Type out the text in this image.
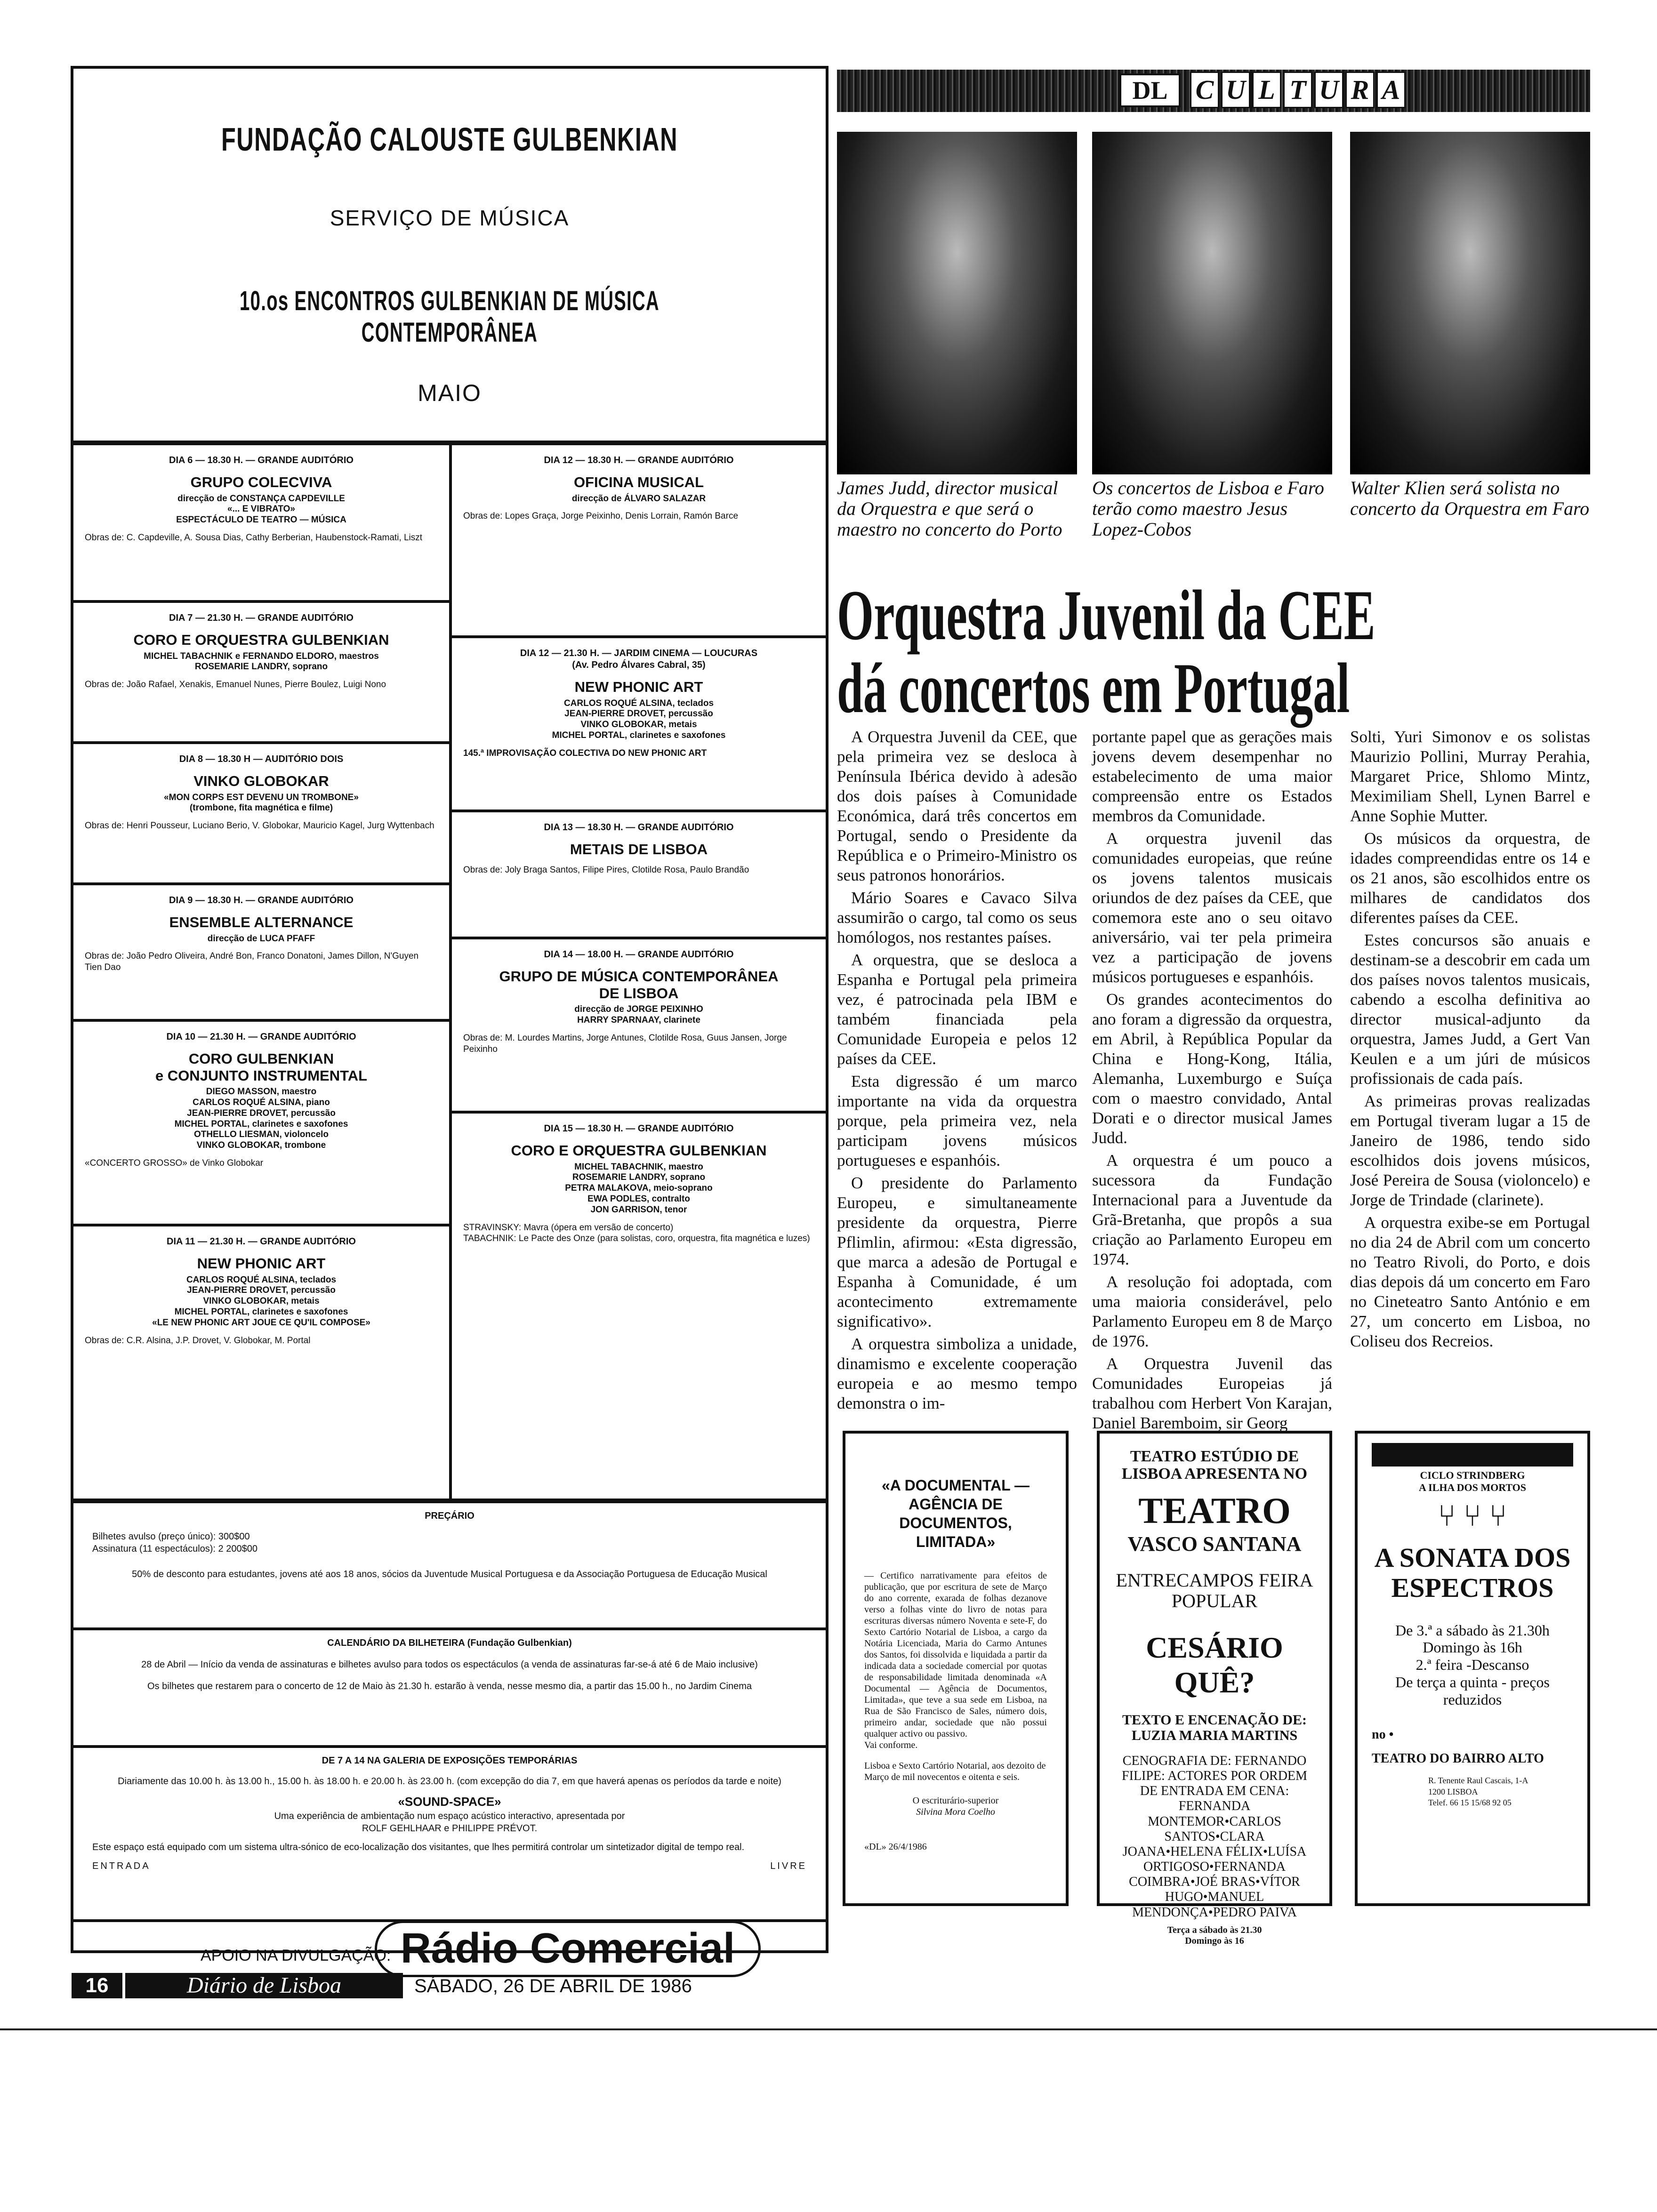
FUNDAÇÃO CALOUSTE GULBENKIAN
SERVIÇO DE MÚSICA
10.os ENCONTROS GULBENKIAN DE MÚSICA CONTEMPORÂNEA
MAIO
DIA 6 — 18.30 H. — GRANDE AUDITÓRIO
GRUPO COLECVIVA
direcção de CONSTANÇA CAPDEVILLE
«... E VIBRATO»
ESPECTÁCULO DE TEATRO — MÚSICA
Obras de: C. Capdeville, A. Sousa Dias, Cathy Berberian, Haubenstock-Ramati, Liszt
DIA 7 — 21.30 H. — GRANDE AUDITÓRIO
CORO E ORQUESTRA GULBENKIAN
MICHEL TABACHNIK e FERNANDO ELDORO, maestros
ROSEMARIE LANDRY, soprano
Obras de: João Rafael, Xenakis, Emanuel Nunes, Pierre Boulez, Luigi Nono
DIA 8 — 18.30 H — AUDITÓRIO DOIS
VINKO GLOBOKAR
«MON CORPS EST DEVENU UN TROMBONE»
(trombone, fita magnética e filme)
Obras de: Henri Pousseur, Luciano Berio, V. Globokar, Mauricio Kagel, Jurg Wyttenbach
DIA 9 — 18.30 H. — GRANDE AUDITÓRIO
ENSEMBLE ALTERNANCE
direcção de LUCA PFAFF
Obras de: João Pedro Oliveira, André Bon, Franco Donatoni, James Dillon, N'Guyen Tien Dao
DIA 10 — 21.30 H. — GRANDE AUDITÓRIO
CORO GULBENKIAN
e CONJUNTO INSTRUMENTAL
DIEGO MASSON, maestro
CARLOS ROQUÉ ALSINA, piano
JEAN-PIERRE DROVET, percussão
MICHEL PORTAL, clarinetes e saxofones
OTHELLO LIESMAN, violoncelo
VINKO GLOBOKAR, trombone
«CONCERTO GROSSO» de Vinko Globokar
DIA 11 — 21.30 H. — GRANDE AUDITÓRIO
NEW PHONIC ART
CARLOS ROQUÉ ALSINA, teclados
JEAN-PIERRE DROVET, percussão
VINKO GLOBOKAR, metais
MICHEL PORTAL, clarinetes e saxofones
«LE NEW PHONIC ART JOUE CE QU'IL COMPOSE»
Obras de: C.R. Alsina, J.P. Drovet, V. Globokar, M. Portal
DIA 12 — 18.30 H. — GRANDE AUDITÓRIO
OFICINA MUSICAL
direcção de ÁLVARO SALAZAR
Obras de: Lopes Graça, Jorge Peixinho, Denis Lorrain, Ramón Barce
DIA 12 — 21.30 H. — JARDIM CINEMA — LOUCURAS
(Av. Pedro Álvares Cabral, 35)
NEW PHONIC ART
CARLOS ROQUÉ ALSINA, teclados
JEAN-PIERRE DROVET, percussão
VINKO GLOBOKAR, metais
MICHEL PORTAL, clarinetes e saxofones
145.ª IMPROVISAÇÃO COLECTIVA DO NEW PHONIC ART
DIA 13 — 18.30 H. — GRANDE AUDITÓRIO
METAIS DE LISBOA
Obras de: Joly Braga Santos, Filipe Pires, Clotilde Rosa, Paulo Brandão
DIA 14 — 18.00 H. — GRANDE AUDITÓRIO
GRUPO DE MÚSICA CONTEMPORÂNEA
DE LISBOA
direcção de JORGE PEIXINHO
HARRY SPARNAAY, clarinete
Obras de: M. Lourdes Martins, Jorge Antunes, Clotilde Rosa, Guus Jansen, Jorge Peixinho
DIA 15 — 18.30 H. — GRANDE AUDITÓRIO
CORO E ORQUESTRA GULBENKIAN
MICHEL TABACHNIK, maestro
ROSEMARIE LANDRY, soprano
PETRA MALAKOVA, meio-soprano
EWA PODLES, contralto
JON GARRISON, tenor
STRAVINSKY: Mavra (ópera em versão de concerto)
TABACHNIK: Le Pacte des Onze (para solistas, coro, orquestra, fita magnética e luzes)
PREÇÁRIO
Bilhetes avulso (preço único): 300$00
Assinatura (11 espectáculos): 2 200$00
50% de desconto para estudantes, jovens até aos 18 anos, sócios da Juventude Musical Portuguesa e da Associação Portuguesa de Educação Musical
CALENDÁRIO DA BILHETEIRA (Fundação Gulbenkian)
28 de Abril — Início da venda de assinaturas e bilhetes avulso para todos os espectáculos (a venda de assinaturas far-se-á até 6 de Maio inclusive)
Os bilhetes que restarem para o concerto de 12 de Maio às 21.30 h. estarão à venda, nesse mesmo dia, a partir das 15.00 h., no Jardim Cinema
DE 7 A 14 NA GALERIA DE EXPOSIÇÕES TEMPORÁRIAS
Diariamente das 10.00 h. às 13.00 h., 15.00 h. às 18.00 h. e 20.00 h. às 23.00 h. (com excepção do dia 7, em que haverá apenas os períodos da tarde e noite)
«SOUND-SPACE»
Uma experiência de ambientação num espaço acústico interactivo, apresentada por
ROLF GEHLHAAR e PHILIPPE PRÉVOT.
Este espaço está equipado com um sistema ultra-sónico de eco-localização dos visitantes, que lhes permitirá controlar um sintetizador digital de tempo real.
ENTRADA	LIVRE
APOIO NA DIVULGAÇÃO: Rádio Comercial
DL	C U L T U R A
James Judd, director musical da Orquestra e que será o maestro no concerto do Porto
Os concertos de Lisboa e Faro terão como maestro Jesus Lopez-Cobos
Walter Klien será solista no concerto da Orquestra em Faro
Orquestra Juvenil da CEE
dá concertos em Portugal

A Orquestra Juvenil da CEE, que pela primeira vez se desloca à Península Ibérica devido à adesão dos dois países à Comunidade Económica, dará três concertos em Portugal, sendo o Presidente da República e o Primeiro-Ministro os seus patronos honorários.

Mário Soares e Cavaco Silva assumirão o cargo, tal como os seus homólogos, nos restantes países.

A orquestra, que se desloca a Espanha e Portugal pela primeira vez, é patrocinada pela IBM e também financiada pela Comunidade Europeia e pelos 12 países da CEE.

Esta digressão é um marco importante na vida da orquestra porque, pela primeira vez, nela participam jovens músicos portugueses e espanhóis.

O presidente do Parlamento Europeu, e simultaneamente presidente da orquestra, Pierre Pflimlin, afirmou: «Esta digressão, que marca a adesão de Portugal e Espanha à Comunidade, é um acontecimento extremamente significativo».

A orquestra simboliza a unidade, dinamismo e excelente cooperação europeia e ao mesmo tempo demonstra o im-

portante papel que as gerações mais jovens devem desempenhar no estabelecimento de uma maior compreensão entre os Estados membros da Comunidade.

A orquestra juvenil das comunidades europeias, que reúne os jovens talentos musicais oriundos de dez países da CEE, que comemora este ano o seu oitavo aniversário, vai ter pela primeira vez a participação de jovens músicos portugueses e espanhóis.

Os grandes acontecimentos do ano foram a digressão da orquestra, em Abril, à República Popular da China e Hong-Kong, Itália, Alemanha, Luxemburgo e Suíça com o maestro convidado, Antal Dorati e o director musical James Judd.

A orquestra é um pouco a sucessora da Fundação Internacional para a Juventude da Grã-Bretanha, que propôs a sua criação ao Parlamento Europeu em 1974.

A resolução foi adoptada, com uma maioria considerável, pelo Parlamento Europeu em 8 de Março de 1976.

A Orquestra Juvenil das Comunidades Europeias já trabalhou com Herbert Von Karajan, Daniel Baremboim, sir Georg

Solti, Yuri Simonov e os solistas Maurizio Pollini, Murray Perahia, Margaret Price, Shlomo Mintz, Meximiliam Shell, Lynen Barrel e Anne Sophie Mutter.

Os músicos da orquestra, de idades compreendidas entre os 14 e os 21 anos, são escolhidos entre os milhares de candidatos dos diferentes países da CEE.

Estes concursos são anuais e destinam-se a descobrir em cada um dos países novos talentos musicais, cabendo a escolha definitiva ao director musical-adjunto da orquestra, James Judd, a Gert Van Keulen e a um júri de músicos profissionais de cada país.

As primeiras provas realizadas em Portugal tiveram lugar a 15 de Janeiro de 1986, tendo sido escolhidos dois jovens músicos, José Pereira de Sousa (violoncelo) e Jorge de Trindade (clarinete).

A orquestra exibe-se em Portugal no dia 24 de Abril com um concerto no Teatro Rivoli, do Porto, e dois dias depois dá um concerto em Faro no Cineteatro Santo António e em 27, um concerto em Lisboa, no Coliseu dos Recreios.

«A DOCUMENTAL — AGÊNCIA DE DOCUMENTOS, LIMITADA»
— Certifico narrativamente para efeitos de publicação, que por escritura de sete de Março do ano corrente, exarada de folhas dezanove verso a folhas vinte do livro de notas para escrituras diversas número Noventa e sete-F, do Sexto Cartório Notarial de Lisboa, a cargo da Notária Licenciada, Maria do Carmo Antunes dos Santos, foi dissolvida e liquidada a partir da indicada data a sociedade comercial por quotas de responsabilidade limitada denominada «A Documental — Agência de Documentos, Limitada», que teve a sua sede em Lisboa, na Rua de São Francisco de Sales, número dois, primeiro andar, sociedade que não possui qualquer activo ou passivo.
Vai conforme.
Lisboa e Sexto Cartório Notarial, aos dezoito de Março de mil novecentos e oitenta e seis.
O escriturário-superior
Silvina Mora Coelho
«DL» 26/4/1986
TEATRO ESTÚDIO DE LISBOA APRESENTA NO
TEATRO
VASCO SANTANA
ENTRECAMPOS FEIRA POPULAR
CESÁRIO QUÊ?
TEXTO E ENCENAÇÃO DE: LUZIA MARIA MARTINS
CENOGRAFIA DE: FERNANDO FILIPE: ACTORES POR ORDEM DE ENTRADA EM CENA: FERNANDA MONTEMOR•CARLOS SANTOS•CLARA JOANA•HELENA FÉLIX•LUÍSA ORTIGOSO•FERNANDA COIMBRA•JOÉ BRAS•VÍTOR HUGO•MANUEL MENDONÇA•PEDRO PAIVA
Terça a sábado às 21.30
Domingo às 16
CICLO STRINDBERG
A ILHA DOS MORTOS
⑂ ⑂ ⑂
A SONATA DOS ESPECTROS
De 3.ª a sábado às 21.30h
Domingo às 16h
2.ª feira -Descanso
De terça a quinta - preços reduzidos
no •
TEATRO DO BAIRRO ALTO
R. Tenente Raul Cascais, 1-A
1200 LISBOA
Telef. 66 15 15/68 92 05
16	Diário de Lisboa	SÁBADO, 26 DE ABRIL DE 1986
